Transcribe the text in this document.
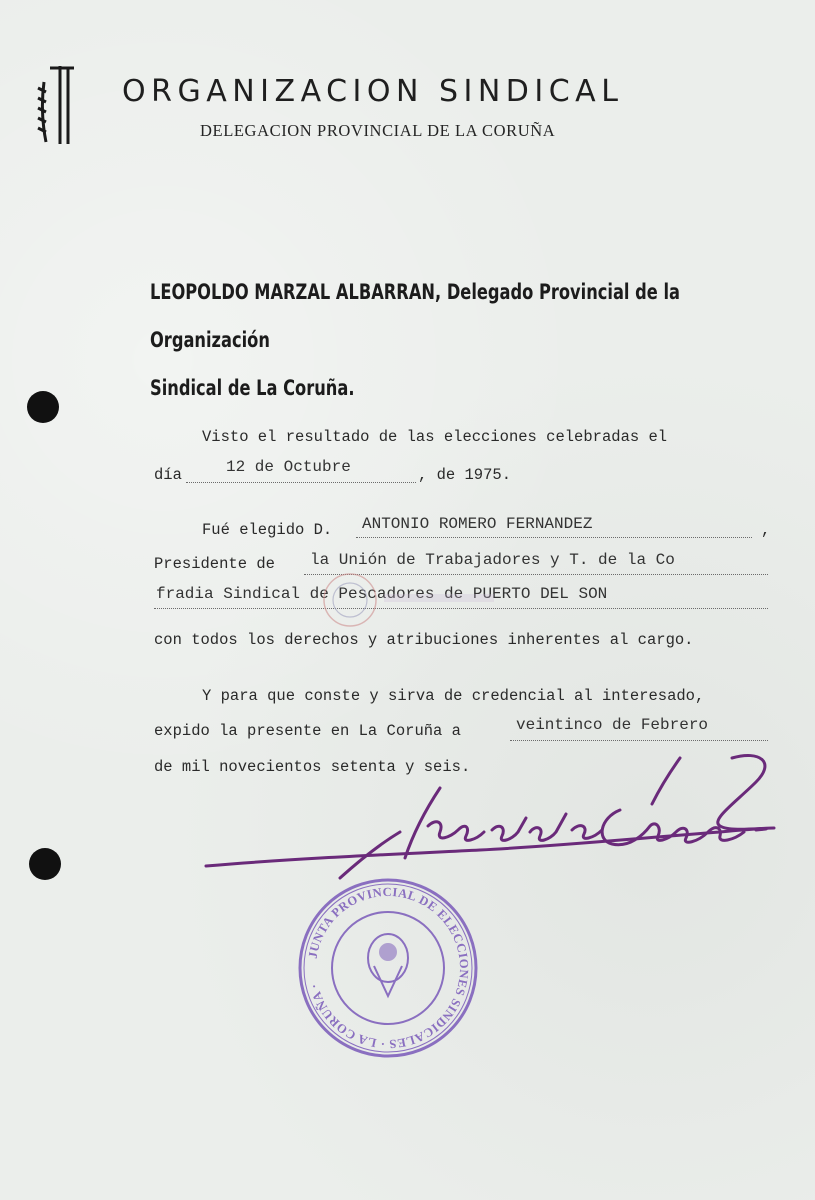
ORGANIZACION SINDICAL
DELEGACION PROVINCIAL DE LA CORUÑA
LEOPOLDO MARZAL ALBARRAN, Delegado Provincial de la Organización
Sindical de La Coruña.
Visto el resultado de las elecciones celebradas el
día	12 de Octubre	, de 1975.
Fué elegido D. ANTONIO ROMERO FERNANDEZ	,
Presidente de la Unión de Trabajadores y T. de la Co
fradia Sindical de Pescadores de PUERTO DEL SON
con todos los derechos y atribuciones inherentes al cargo.
Y para que conste y sirva de credencial al interesado,
expido la presente en La Coruña a	veintinco de Febrero
de mil novecientos setenta y seis.
JUNTA PROVINCIAL DE ELECCIONES SINDICALES · LA CORUÑA ·
